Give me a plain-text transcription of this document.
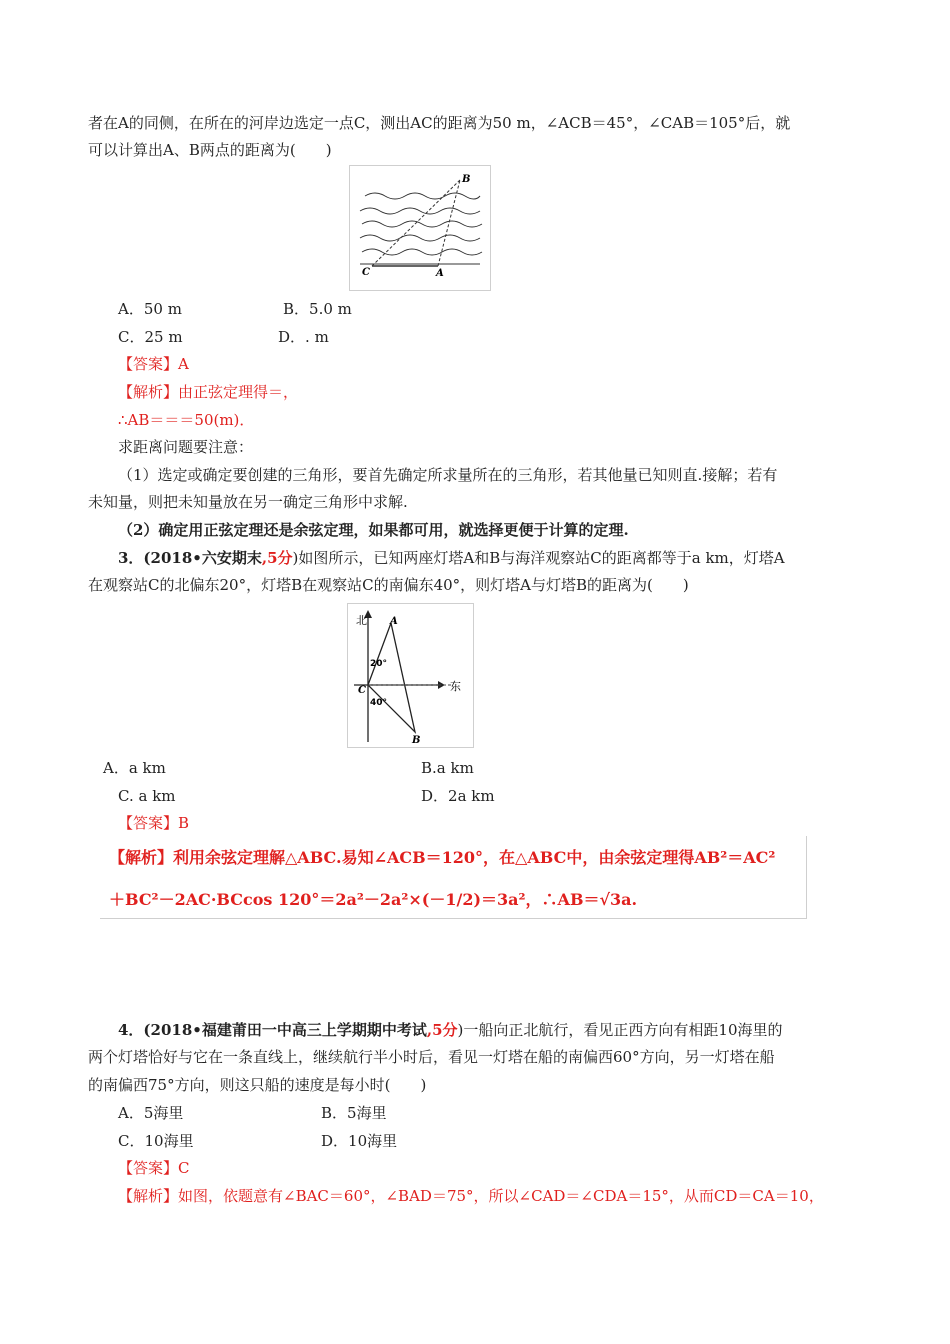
者在A的同侧，在所在的河岸边选定一点C，测出AC的距离为50 m，∠ACB＝45°，∠CAB＝105°后，就
可以计算出A、B两点的距离为(　　)
B
C	A
A．50 m	B．5.0 m
C．25 m	D．. m
【答案】A
【解析】由正弦定理得＝，
∴AB＝＝＝50(m)．
求距离问题要注意：
（1）选定或确定要创建的三角形，要首先确定所求量所在的三角形，若其他量已知则直.接解；若有
未知量，则把未知量放在另一确定三角形中求解.
（2）确定用正弦定理还是余弦定理，如果都可用，就选择更便于计算的定理.
3．(2018•六安期末,5分)如图所示，已知两座灯塔A和B与海洋观察站C的距离都等于a km，灯塔A
在观察站C的北偏东20°，灯塔B在观察站C的南偏东40°，则灯塔A与灯塔B的距离为(　　)
北
东
A
B
C
20°
40°
A．a km	B.a km
C. a km	D．2a km
【答案】B
【解析】利用余弦定理解△ABC.易知∠ACB＝120°，在△ABC中，由余弦定理得AB²＝AC²
＋BC²－2AC·BCcos 120°＝2a²－2a²×(－1/2)＝3a²，∴AB＝√3a.
4．(2018•福建莆田一中高三上学期期中考试,5分)一船向正北航行，看见正西方向有相距10海里的
两个灯塔恰好与它在一条直线上，继续航行半小时后，看见一灯塔在船的南偏西60°方向，另一灯塔在船
的南偏西75°方向，则这只船的速度是每小时(　　)
A．5海里	B．5海里
C．10海里	D．10海里
【答案】C
【解析】如图，依题意有∠BAC＝60°，∠BAD＝75°，所以∠CAD＝∠CDA＝15°，从而CD＝CA＝10，
